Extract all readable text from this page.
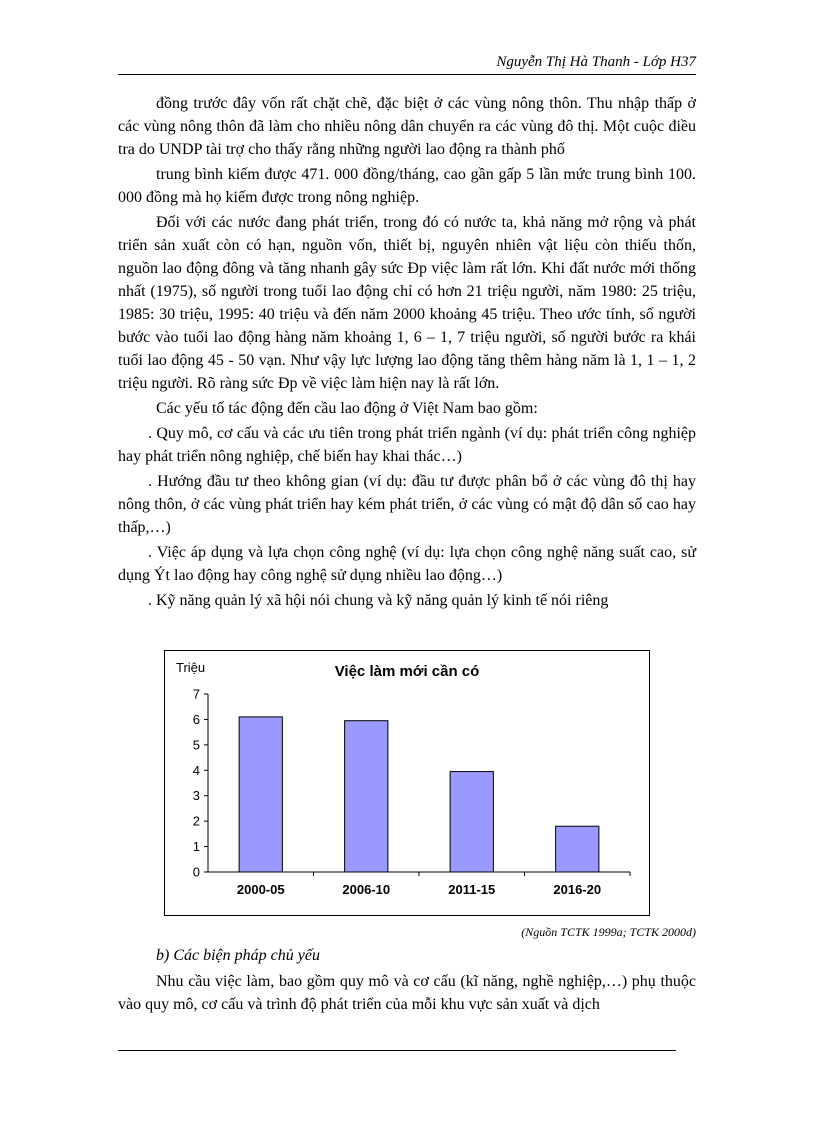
Nguyễn Thị Hà Thanh - Lớp H37

đồng trước đây vốn rất chặt chẽ, đặc biệt ở các vùng nông thôn. Thu nhập thấp ở các vùng nông thôn đã làm cho nhiều nông dân chuyển ra các vùng đô thị. Một cuộc điều tra do UNDP tài trợ cho thấy rằng những người lao động ra thành phố

trung bình kiếm được 471. 000 đồng/tháng, cao gần gấp 5 lần mức trung bình 100. 000 đồng mà họ kiếm được trong nông nghiệp.

Đối với các nước đang phát triển, trong đó có nước ta, khả năng mở rộng và phát triển sản xuất còn có hạn, nguồn vốn, thiết bị, nguyên nhiên vật liệu còn thiếu thốn, nguồn lao động đông và tăng nhanh gây sức Ðp việc làm rất lớn. Khi đất nước mới thống nhất (1975), số người trong tuổi lao động chỉ có hơn 21 triệu người, năm 1980: 25 triệu, 1985: 30 triệu, 1995: 40 triệu và đến năm 2000 khoảng 45 triệu. Theo ước tính, số người bước vào tuổi lao động hàng năm khoảng 1, 6 – 1, 7 triệu người, số người bước ra khái tuổi lao động 45 - 50 vạn. Như vậy lực lượng lao động tăng thêm hàng năm là 1, 1 – 1, 2 triệu người. Rõ ràng sức Ðp về việc làm hiện nay là rất lớn.

Các yếu tố tác động đến cầu lao động ở Việt Nam bao gồm:

. Quy mô, cơ cấu và các ưu tiên trong phát triển ngành (ví dụ: phát triển công nghiệp hay phát triển nông nghiệp, chế biến hay khai thác…)

. Hướng đầu tư theo không gian (ví dụ: đầu tư được phân bổ ở các vùng đô thị hay nông thôn, ở các vùng phát triển hay kém phát triển, ở các vùng có mật độ dân số cao hay thấp,…)

. Việc áp dụng và lựa chọn công nghệ (ví dụ: lựa chọn công nghệ năng suất cao, sử dụng Ýt lao động hay công nghệ sử dụng nhiều lao động…)

. Kỹ năng quản lý xã hội nói chung và kỹ năng quản lý kinh tế nói riêng

Việc làm mới cần có
Triệu
0
1
2
3
4
5
6
7
2000-05	2006-10	2011-15	2016-20
(Nguồn TCTK 1999a; TCTK 2000d)
b) Các biện pháp chủ yếu

Nhu cầu việc làm, bao gồm quy mô và cơ cấu (kĩ năng, nghề nghiệp,…) phụ thuộc vào quy mô, cơ cấu và trình độ phát triển của mỗi khu vực sản xuất và dịch
